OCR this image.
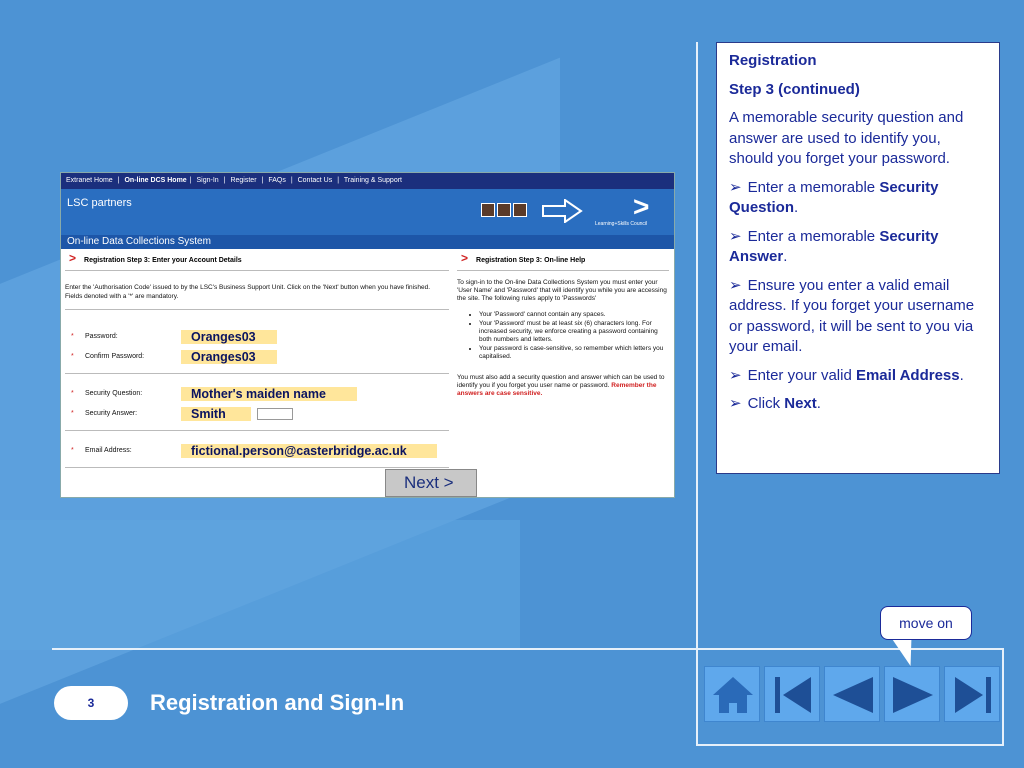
Extranet Home | On-line DCS Home | Sign-In | Register | FAQs | Contact Us | Training & Support
LSC partners	>
Learning+Skills Council
On-line Data Collections System
> Registration Step 3: Enter your Account Details
Enter the 'Authorisation Code' issued to by the LSC's Business Support Unit. Click on the 'Next' button when you have finished. Fields denoted with a '*' are mandatory.
* Password:	Oranges03
* Confirm Password:	Oranges03
* Security Question:	Mother's maiden name
* Security Answer:	Smith
* Email Address:	fictional.person@casterbridge.ac.uk
Next >
> Registration Step 3: On-line Help
To sign-in to the On-line Data Collections System you must enter your 'User Name' and 'Password' that will identify you while you are accessing the site. The following rules apply to 'Passwords'
• Your 'Password' cannot contain any spaces.
• Your 'Password' must be at least six (6) characters long. For increased security, we enforce creating a password containing both numbers and letters.
• Your password is case-sensitive, so remember which letters you capitalised.
You must also add a security question and answer which can be used to identify you if you forget you user name or password. Remember the answers are case sensitive.
Registration
Step 3 (continued)
A memorable security question and answer are used to identify you, should you forget your password.
➢ Enter a memorable Security Question.
➢ Enter a memorable Security Answer.
➢ Ensure you enter a valid email address. If you forget your username or password, it will be sent to you via your email.
➢ Enter your valid Email Address.
➢ Click Next.
move on
3	Registration and Sign-In
